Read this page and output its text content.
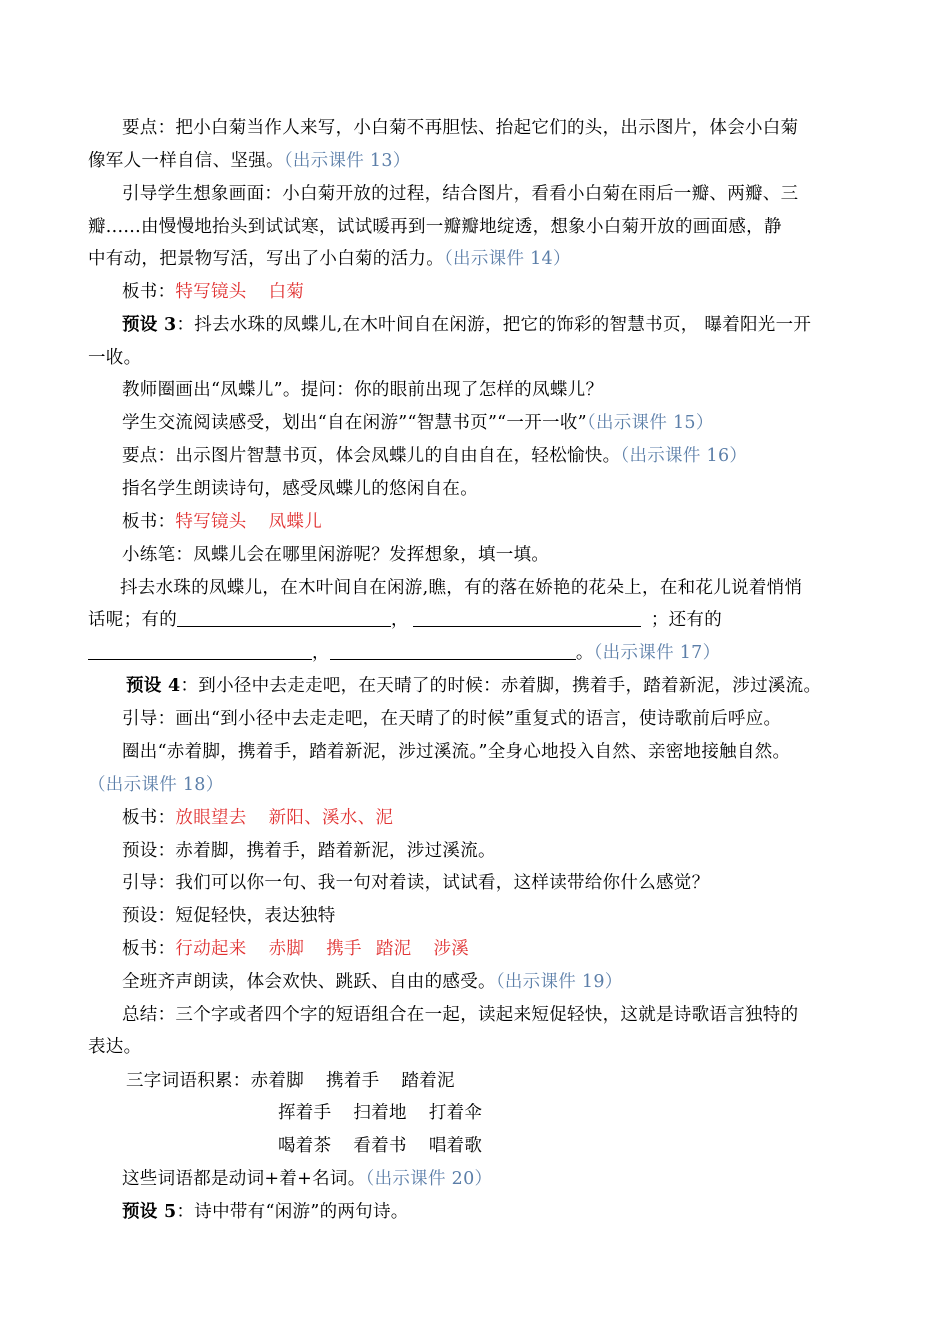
要点：把小白菊当作人来写，小白菊不再胆怯、抬起它们的头，出示图片，体会小白菊
像军人一样自信、坚强。（出示课件 13）
引导学生想象画面：小白菊开放的过程，结合图片，看看小白菊在雨后一瓣、两瓣、三
瓣......由慢慢地抬头到试试寒，试试暖再到一瓣瓣地绽透，想象小白菊开放的画面感，静
中有动，把景物写活，写出了小白菊的活力。（出示课件 14）
板书：特写镜头 白菊
预设 3：抖去水珠的凤蝶儿,在木叶间自在闲游，把它的饰彩的智慧书页， 曝着阳光一开
一收。
教师圈画出“凤蝶儿”。提问：你的眼前出现了怎样的凤蝶儿？
学生交流阅读感受，划出“自在闲游”“智慧书页”“一开一收”（出示课件 15）
要点：出示图片智慧书页，体会凤蝶儿的自由自在，轻松愉快。（出示课件 16）
指名学生朗读诗句，感受凤蝶儿的悠闲自在。
板书：特写镜头 凤蝶儿
小练笔：凤蝶儿会在哪里闲游呢？发挥想象，填一填。
抖去水珠的凤蝶儿，在木叶间自在闲游,瞧，有的落在娇艳的花朵上，在和花儿说着悄悄
话呢；有的	，	；还有的
，	。（出示课件 17）
预设 4：到小径中去走走吧，在天晴了的时候：赤着脚，携着手，踏着新泥，涉过溪流。
引导：画出“到小径中去走走吧，在天晴了的时候”重复式的语言，使诗歌前后呼应。
圈出“赤着脚，携着手，踏着新泥，涉过溪流。”全身心地投入自然、亲密地接触自然。
（出示课件 18）
板书：放眼望去 新阳、溪水、泥
预设：赤着脚，携着手，踏着新泥，涉过溪流。
引导：我们可以你一句、我一句对着读，试试看，这样读带给你什么感觉？
预设：短促轻快，表达独特
板书：行动起来 赤脚 携手 踏泥 涉溪
全班齐声朗读，体会欢快、跳跃、自由的感受。（出示课件 19）
总结：三个字或者四个字的短语组合在一起，读起来短促轻快，这就是诗歌语言独特的
表达。
三字词语积累：赤着脚 携着手 踏着泥
挥着手 扫着地 打着伞
喝着茶 看着书 唱着歌
这些词语都是动词+着+名词。（出示课件 20）
预设 5：诗中带有“闲游”的两句诗。
